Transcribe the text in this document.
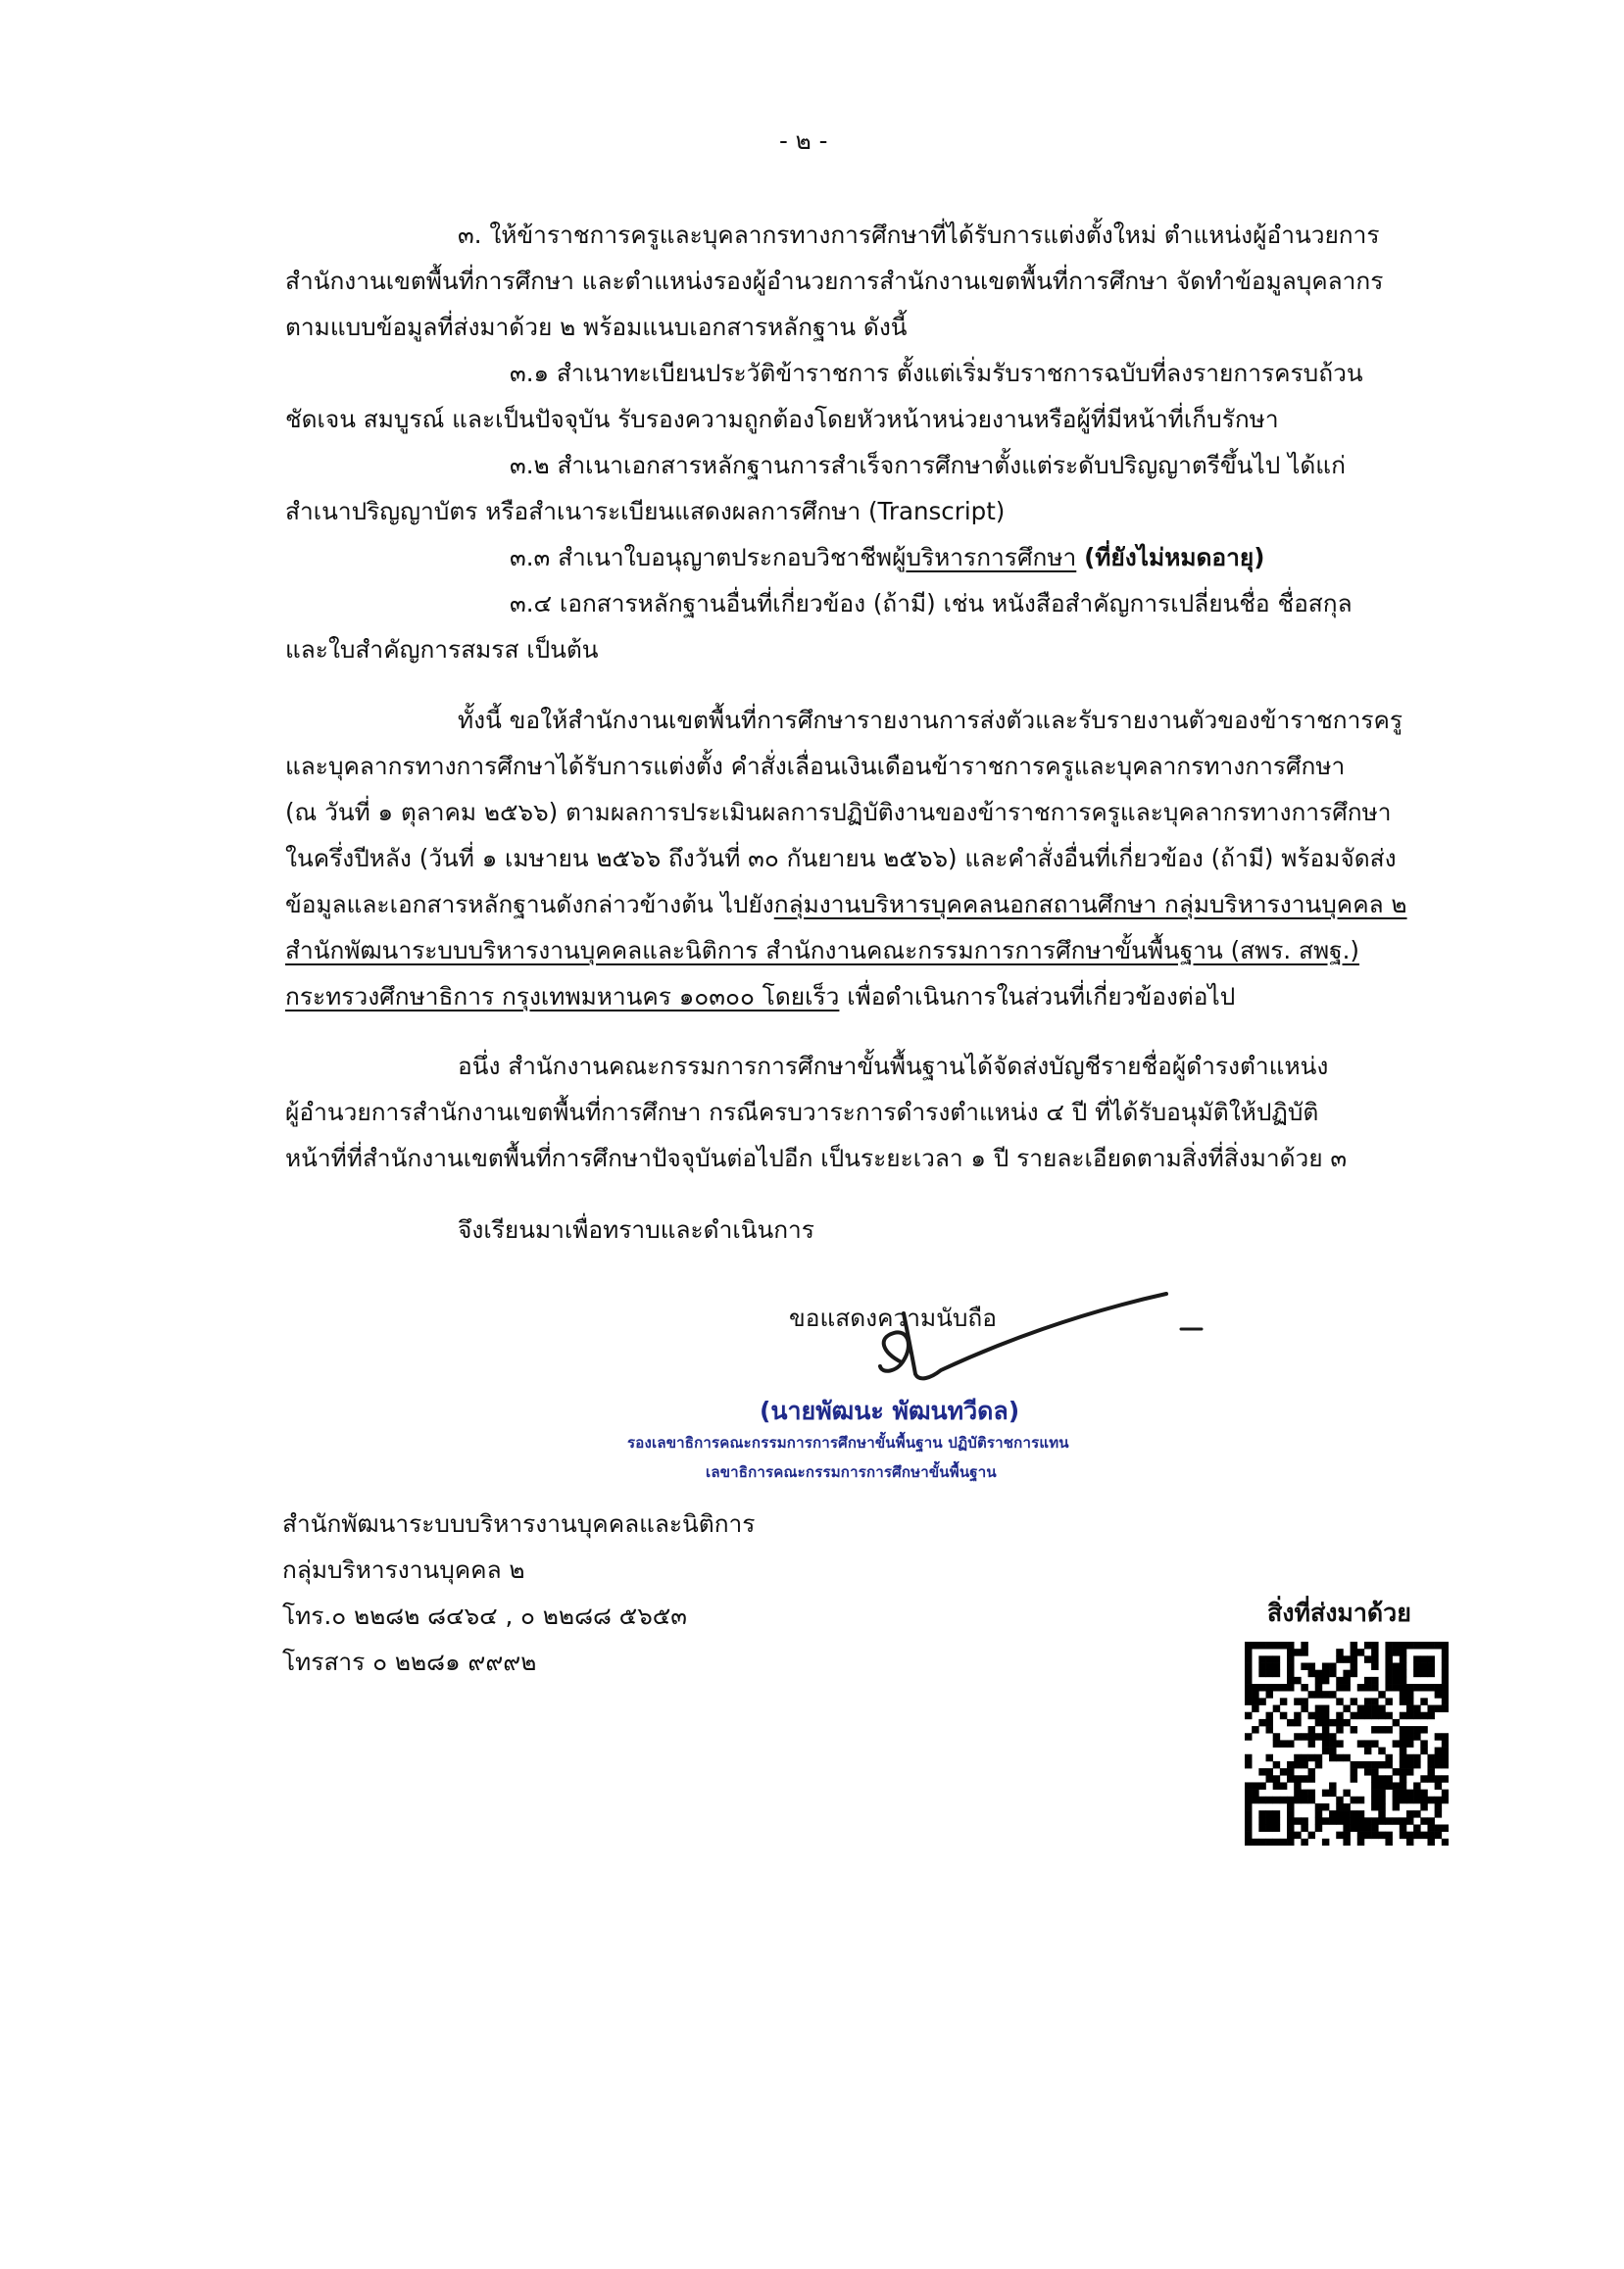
- ๒ -
๓. ให้ข้าราชการครูและบุคลากรทางการศึกษาที่ได้รับการแต่งตั้งใหม่ ตำแหน่งผู้อำนวยการ
สำนักงานเขตพื้นที่การศึกษา และตำแหน่งรองผู้อำนวยการสำนักงานเขตพื้นที่การศึกษา จัดทำข้อมูลบุคลากร
ตามแบบข้อมูลที่ส่งมาด้วย ๒ พร้อมแนบเอกสารหลักฐาน ดังนี้
๓.๑ สำเนาทะเบียนประวัติข้าราชการ ตั้งแต่เริ่มรับราชการฉบับที่ลงรายการครบถ้วน
ชัดเจน สมบูรณ์ และเป็นปัจจุบัน รับรองความถูกต้องโดยหัวหน้าหน่วยงานหรือผู้ที่มีหน้าที่เก็บรักษา
๓.๒ สำเนาเอกสารหลักฐานการสำเร็จการศึกษาตั้งแต่ระดับปริญญาตรีขึ้นไป ได้แก่
สำเนาปริญญาบัตร หรือสำเนาระเบียนแสดงผลการศึกษา (Transcript)
๓.๓ สำเนาใบอนุญาตประกอบวิชาชีพผู้บริหารการศึกษา (ที่ยังไม่หมดอายุ)
๓.๔ เอกสารหลักฐานอื่นที่เกี่ยวข้อง (ถ้ามี) เช่น หนังสือสำคัญการเปลี่ยนชื่อ ชื่อสกุล
และใบสำคัญการสมรส เป็นต้น
ทั้งนี้ ขอให้สำนักงานเขตพื้นที่การศึกษารายงานการส่งตัวและรับรายงานตัวของข้าราชการครู
และบุคลากรทางการศึกษาได้รับการแต่งตั้ง คำสั่งเลื่อนเงินเดือนข้าราชการครูและบุคลากรทางการศึกษา
(ณ วันที่ ๑ ตุลาคม ๒๕๖๖) ตามผลการประเมินผลการปฏิบัติงานของข้าราชการครูและบุคลากรทางการศึกษา
ในครึ่งปีหลัง (วันที่ ๑ เมษายน ๒๕๖๖ ถึงวันที่ ๓๐ กันยายน ๒๕๖๖) และคำสั่งอื่นที่เกี่ยวข้อง (ถ้ามี) พร้อมจัดส่ง
ข้อมูลและเอกสารหลักฐานดังกล่าวข้างต้น ไปยังกลุ่มงานบริหารบุคคลนอกสถานศึกษา กลุ่มบริหารงานบุคคล ๒
สำนักพัฒนาระบบบริหารงานบุคคลและนิติการ สำนักงานคณะกรรมการการศึกษาขั้นพื้นฐาน (สพร. สพฐ.)
กระทรวงศึกษาธิการ กรุงเทพมหานคร ๑๐๓๐๐ โดยเร็ว เพื่อดำเนินการในส่วนที่เกี่ยวข้องต่อไป
อนึ่ง สำนักงานคณะกรรมการการศึกษาขั้นพื้นฐานได้จัดส่งบัญชีรายชื่อผู้ดำรงตำแหน่ง
ผู้อำนวยการสำนักงานเขตพื้นที่การศึกษา กรณีครบวาระการดำรงตำแหน่ง ๔ ปี ที่ได้รับอนุมัติให้ปฏิบัติ
หน้าที่ที่สำนักงานเขตพื้นที่การศึกษาปัจจุบันต่อไปอีก เป็นระยะเวลา ๑ ปี รายละเอียดตามสิ่งที่สิ่งมาด้วย ๓
จึงเรียนมาเพื่อทราบและดำเนินการ
ขอแสดงความนับถือ
(นายพัฒนะ พัฒนทวีดล)
รองเลขาธิการคณะกรรมการการศึกษาขั้นพื้นฐาน ปฏิบัติราชการแทน
เลขาธิการคณะกรรมการการศึกษาขั้นพื้นฐาน
สำนักพัฒนาระบบบริหารงานบุคคลและนิติการ
กลุ่มบริหารงานบุคคล ๒
โทร.๐ ๒๒๘๒ ๘๔๖๔ , ๐ ๒๒๘๘ ๕๖๕๓
โทรสาร ๐ ๒๒๘๑ ๙๙๙๒
สิ่งที่ส่งมาด้วย
